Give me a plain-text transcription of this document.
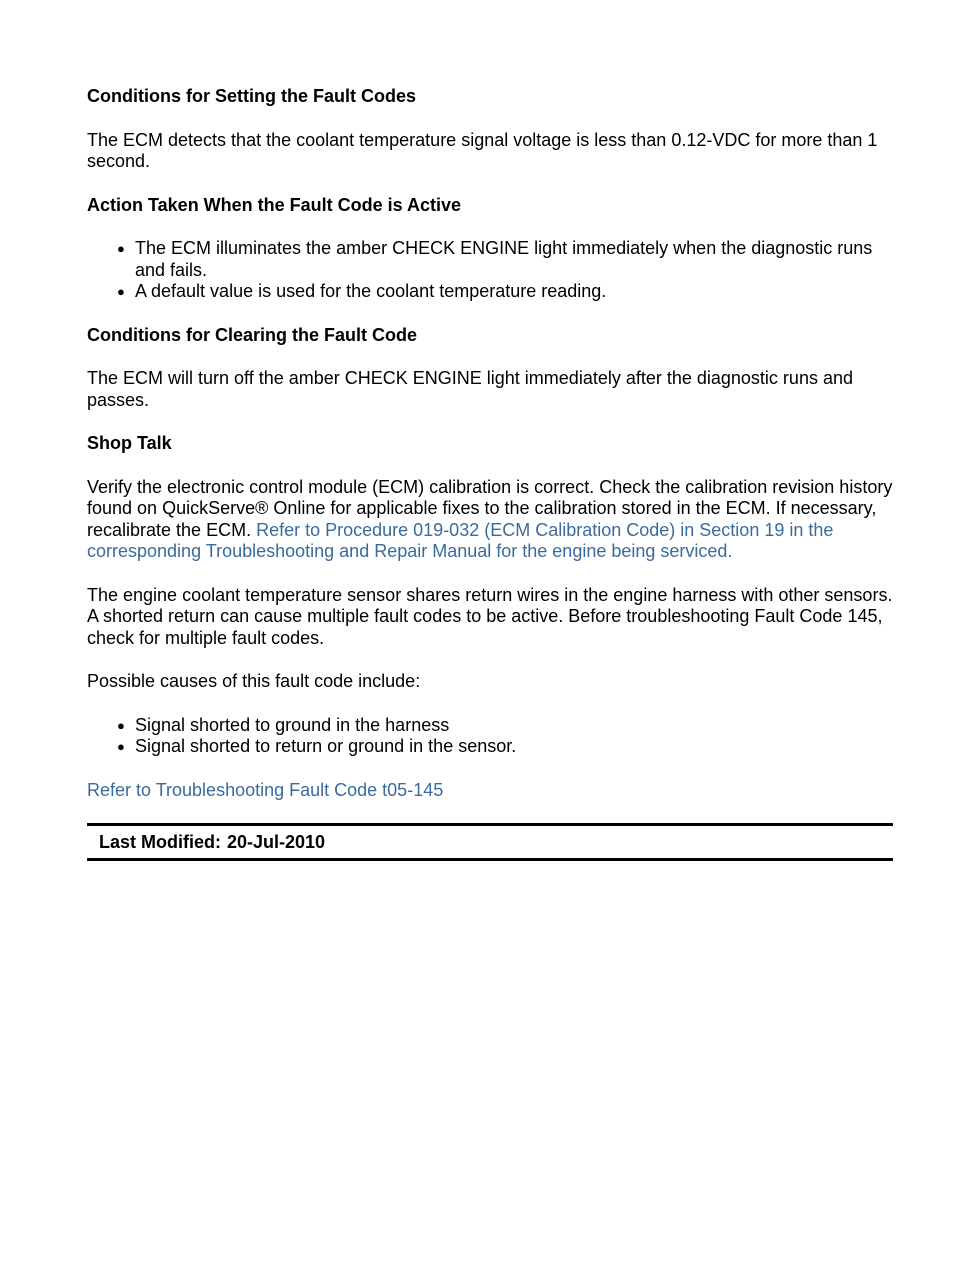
Conditions for Setting the Fault Codes
The ECM detects that the coolant temperature signal voltage is less than 0.12-VDC for more than 1 second.
Action Taken When the Fault Code is Active
● The ECM illuminates the amber CHECK ENGINE light immediately when the diagnostic runs and fails.
● A default value is used for the coolant temperature reading.
Conditions for Clearing the Fault Code
The ECM will turn off the amber CHECK ENGINE light immediately after the diagnostic runs and passes.
Shop Talk
Verify the electronic control module (ECM) calibration is correct. Check the calibration revision history found on QuickServe® Online for applicable fixes to the calibration stored in the ECM. If necessary, recalibrate the ECM. Refer to Procedure 019-032 (ECM Calibration Code) in Section 19 in the corresponding Troubleshooting and Repair Manual for the engine being serviced.
The engine coolant temperature sensor shares return wires in the engine harness with other sensors. A shorted return can cause multiple fault codes to be active. Before troubleshooting Fault Code 145, check for multiple fault codes.
Possible causes of this fault code include:
● Signal shorted to ground in the harness
● Signal shorted to return or ground in the sensor.
Refer to Troubleshooting Fault Code t05-145
Last Modified: 20-Jul-2010
